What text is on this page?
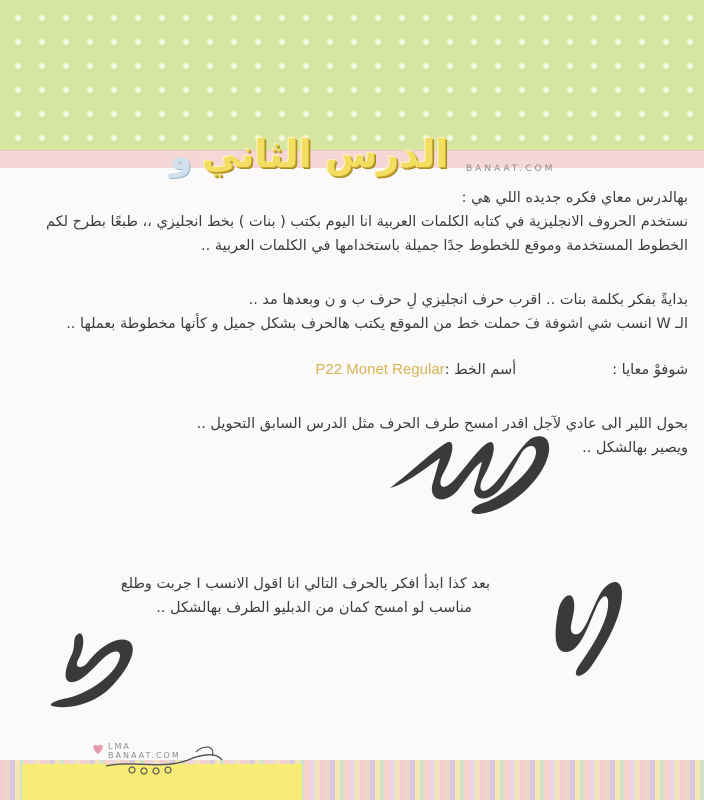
و الدرس الثاني	BANAAT.COM

بهالدرس معاي فكره جديده اللي هي :

نستخدم الحروف الانجليزية في كتابه الكلمات العربية انا اليوم بكتب ( بنات ) بخط انجليزي ،، طبعًا بطرح لكم الخطوط المستخدمة وموقع للخطوط جدًا جميلة باستخدامها في الكلمات العربية ..

بدايةً بفكر بكلمة بنات .. اقرب حرف انجليزي لِ حرف ب و ن وبعدها مد ..

الـ W انسب شي اشوفة فَ حملت خط من الموقع يكتب هالحرف بشكل جميل و كأنها مخطوطة بعملها ..

شوفوْ معايا :
أسم الخط :
P22 Monet Regular

بحول اللير الى عادي لآجل اقدر امسح طرف الحرف مثل الدرس السابق التحويل ..

ويصير بهالشكل ..

بعد كذا ابدأ افكر بالحرف التالي انا اقول الانسب I جربت وطلع

مناسب لو امسح كمان من الدبليو الطرف بهالشكل ..

LMA
BANAAT.COM
